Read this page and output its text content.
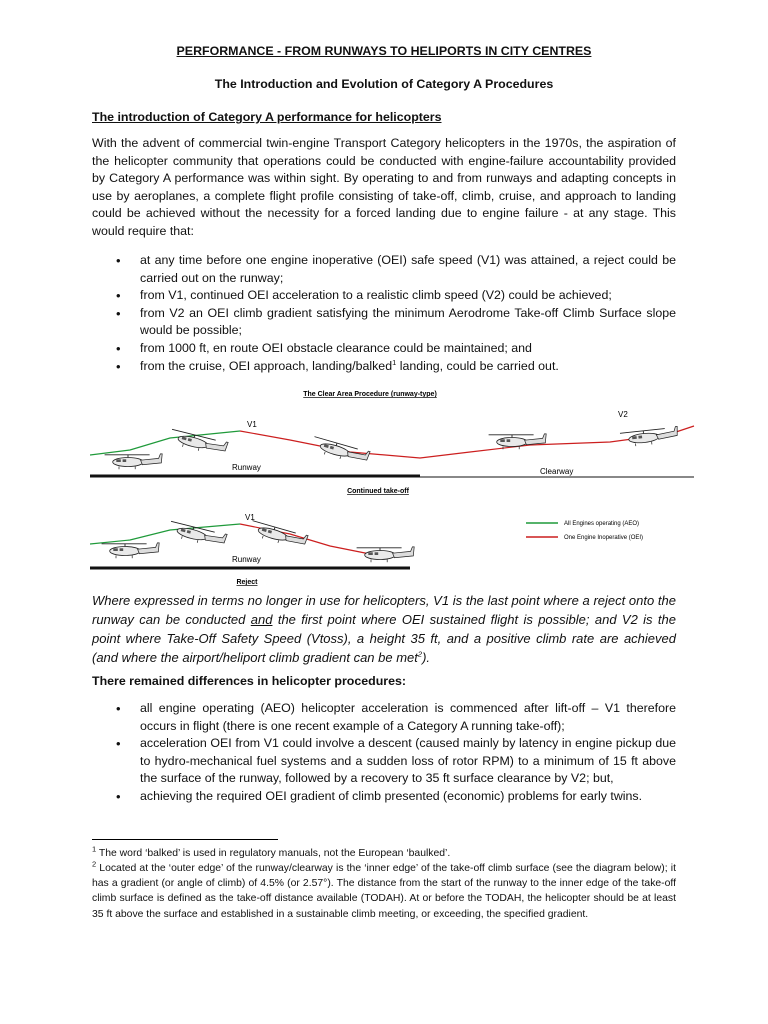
PERFORMANCE - FROM RUNWAYS TO HELIPORTS IN CITY CENTRES
The Introduction and Evolution of Category A Procedures
The introduction of Category A performance for helicopters
With the advent of commercial twin-engine Transport Category helicopters in the 1970s, the aspiration of the helicopter community that operations could be conducted with engine-failure accountability provided by Category A performance was within sight. By operating to and from runways and adapting concepts in use by aeroplanes, a complete flight profile consisting of take-off, climb, cruise, and approach to landing could be achieved without the necessity for a forced landing due to engine failure - at any stage. This would require that:
• at any time before one engine inoperative (OEI) safe speed (V1) was attained, a reject could be carried out on the runway;
• from V1, continued OEI acceleration to a realistic climb speed (V2) could be achieved;
• from V2 an OEI climb gradient satisfying the minimum Aerodrome Take-off Climb Surface slope would be possible;
• from 1000 ft, en route OEI obstacle clearance could be maintained; and
• from the cruise, OEI approach, landing/balked$^1$ landing, could be carried out.
The Clear Area Procedure (runway-type)
V1
V2
Runway	Clearway
Continued take-off
V1
Runway
Reject
All Engines operating (AEO)
One Engine Inoperative (OEI)
Where expressed in terms no longer in use for helicopters, V1 is the last point where a reject onto the runway can be conducted and the first point where OEI sustained flight is possible; and V2 is the point where Take-Off Safety Speed (Vtoss), a height 35 ft, and a positive climb rate are achieved (and where the airport/heliport climb gradient can be met$^2$).
There remained differences in helicopter procedures:
• all engine operating (AEO) helicopter acceleration is commenced after lift-off – V1 therefore occurs in flight (there is one recent example of a Category A running take-off);
• acceleration OEI from V1 could involve a descent (caused mainly by latency in engine pickup due to hydro-mechanical fuel systems and a sudden loss of rotor RPM) to a minimum of 15 ft above the surface of the runway, followed by a recovery to 35 ft surface clearance by V2; but,
• achieving the required OEI gradient of climb presented (economic) problems for early twins.
$^1$ The word ‘balked’ is used in regulatory manuals, not the European ‘baulked’.
$^2$ Located at the ‘outer edge’ of the runway/clearway is the ‘inner edge’ of the take-off climb surface (see the diagram below); it has a gradient (or angle of climb) of 4.5% (or 2.57°). The distance from the start of the runway to the inner edge of the take-off climb surface is defined as the take-off distance available (TODAH). At or before the TODAH, the helicopter should be at least 35 ft above the surface and established in a sustainable climb meeting, or exceeding, the specified gradient.
